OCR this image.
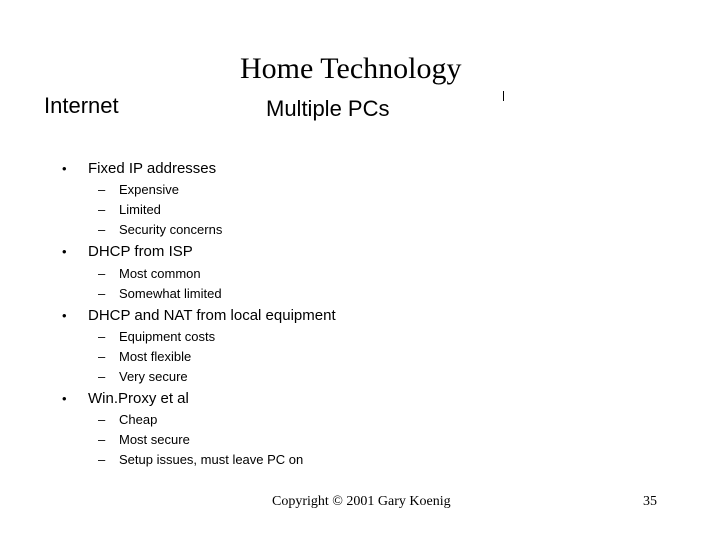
Home Technology
Internet	Multiple PCs
• Fixed IP addresses
– Expensive
– Limited
– Security concerns
• DHCP from ISP
– Most common
– Somewhat limited
• DHCP and NAT from local equipment
– Equipment costs
– Most flexible
– Very secure
• Win.Proxy et al
– Cheap
– Most secure
– Setup issues, must leave PC on
Copyright © 2001 Gary Koenig	35
